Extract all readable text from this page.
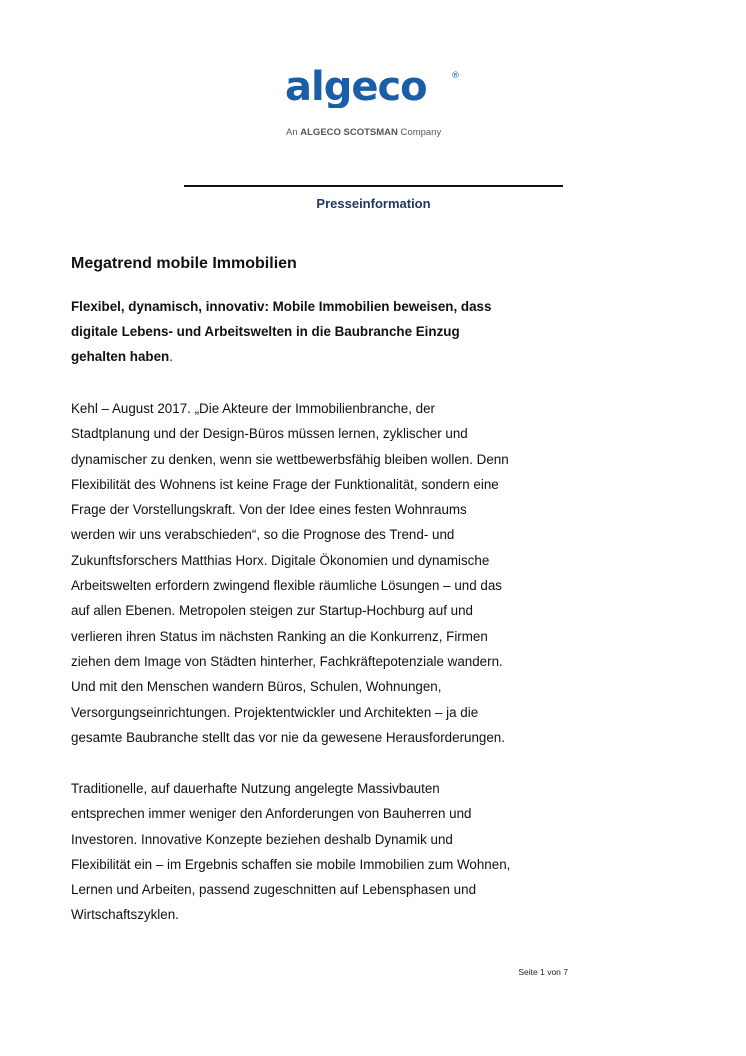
algeco	®
An ALGECO SCOTSMAN Company
Presseinformation
Megatrend mobile Immobilien
Flexibel, dynamisch, innovativ: Mobile Immobilien beweisen, dass
digitale Lebens- und Arbeitswelten in die Baubranche Einzug
gehalten haben.
Kehl – August 2017. „Die Akteure der Immobilienbranche, der
Stadtplanung und der Design-Büros müssen lernen, zyklischer und
dynamischer zu denken, wenn sie wettbewerbsfähig bleiben wollen. Denn
Flexibilität des Wohnens ist keine Frage der Funktionalität, sondern eine
Frage der Vorstellungskraft. Von der Idee eines festen Wohnraums
werden wir uns verabschieden“, so die Prognose des Trend- und
Zukunftsforschers Matthias Horx. Digitale Ökonomien und dynamische
Arbeitswelten erfordern zwingend flexible räumliche Lösungen – und das
auf allen Ebenen. Metropolen steigen zur Startup-Hochburg auf und
verlieren ihren Status im nächsten Ranking an die Konkurrenz, Firmen
ziehen dem Image von Städten hinterher, Fachkräftepotenziale wandern.
Und mit den Menschen wandern Büros, Schulen, Wohnungen,
Versorgungseinrichtungen. Projektentwickler und Architekten – ja die
gesamte Baubranche stellt das vor nie da gewesene Herausforderungen.
Traditionelle, auf dauerhafte Nutzung angelegte Massivbauten
entsprechen immer weniger den Anforderungen von Bauherren und
Investoren. Innovative Konzepte beziehen deshalb Dynamik und
Flexibilität ein – im Ergebnis schaffen sie mobile Immobilien zum Wohnen,
Lernen und Arbeiten, passend zugeschnitten auf Lebensphasen und
Wirtschaftszyklen.
Seite 1 von 7
